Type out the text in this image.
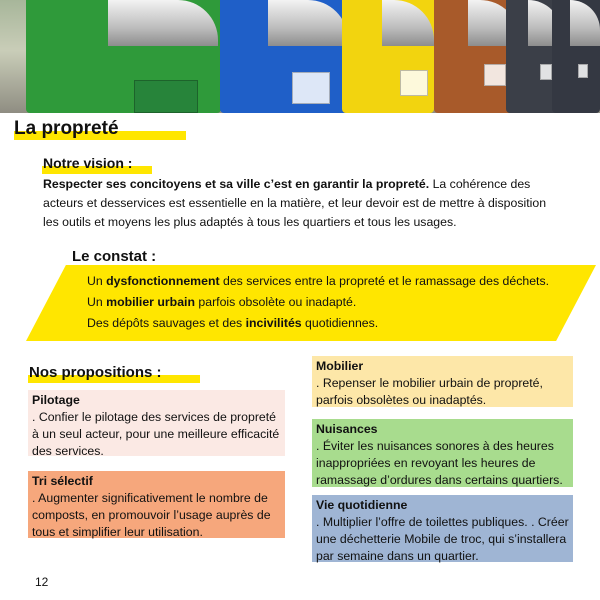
La propreté
Notre vision :
Respecter ses concitoyens et sa ville c’est en garantir la propreté. La cohérence des acteurs et desservices est essentielle en la matière, et leur devoir est de mettre à disposition les outils et moyens les plus adaptés à tous les quartiers et tous les usages.
Le constat :
Un dysfonctionnement des services entre la propreté et le ramassage des déchets.
Un mobilier urbain parfois obsolète ou inadapté.
Des dépôts sauvages et des incivilités quotidiennes.
Nos propositions :
Pilotage
. Confier le pilotage des services de propreté à un seul acteur, pour une meilleure efficacité des services.
Tri sélectif
. Augmenter significativement le nombre de composts, en promouvoir l’usage auprès de tous et simplifier leur utilisation.
Mobilier
. Repenser le mobilier urbain de propreté, parfois obsolètes ou inadaptés.
Nuisances
. Éviter les nuisances sonores à des heures inappropriées en revoyant les heures de ramassage d’ordures dans certains quartiers.
Vie quotidienne
. Multiplier l’offre de toilettes publiques. . Créer une déchetterie Mobile de troc, qui s’installera par semaine dans un quartier.
12
